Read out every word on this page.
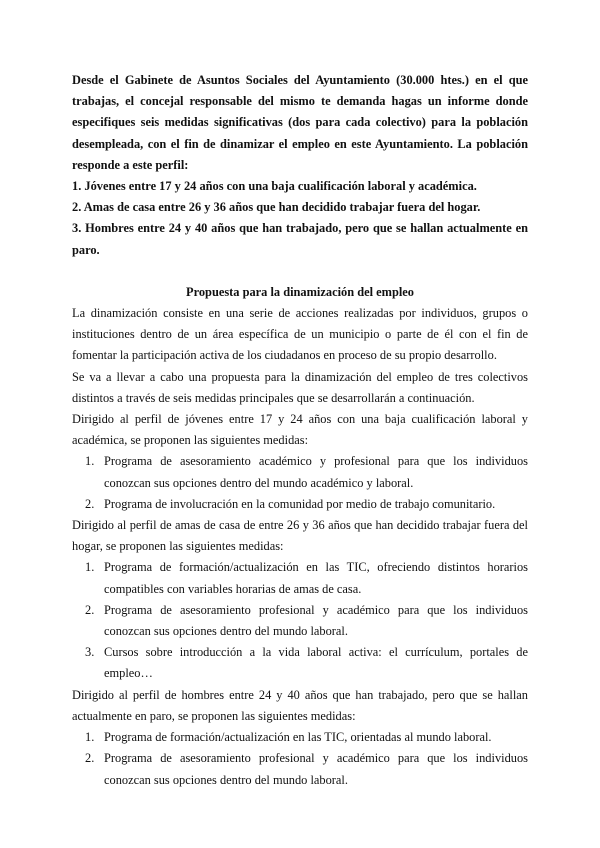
Desde el Gabinete de Asuntos Sociales del Ayuntamiento (30.000 htes.) en el que trabajas, el concejal responsable del mismo te demanda hagas un informe donde especifiques seis medidas significativas (dos para cada colectivo) para la población desempleada, con el fin de dinamizar el empleo en este Ayuntamiento. La población responde a este perfil:

1. Jóvenes entre 17 y 24 años con una baja cualificación laboral y académica.

2. Amas de casa entre 26 y 36 años que han decidido trabajar fuera del hogar.

3. Hombres entre 24 y 40 años que han trabajado, pero que se hallan actualmente en paro.

Propuesta para la dinamización del empleo

La dinamización consiste en una serie de acciones realizadas por individuos, grupos o instituciones dentro de un área específica de un municipio o parte de él con el fin de fomentar la participación activa de los ciudadanos en proceso de su propio desarrollo.

Se va a llevar a cabo una propuesta para la dinamización del empleo de tres colectivos distintos a través de seis medidas principales que se desarrollarán a continuación.

Dirigido al perfil de jóvenes entre 17 y 24 años con una baja cualificación laboral y académica, se proponen las siguientes medidas:

1. Programa de asesoramiento académico y profesional para que los individuos conozcan sus opciones dentro del mundo académico y laboral.
2. Programa de involucración en la comunidad por medio de trabajo comunitario.

Dirigido al perfil de amas de casa de entre 26 y 36 años que han decidido trabajar fuera del hogar, se proponen las siguientes medidas:

1. Programa de formación/actualización en las TIC, ofreciendo distintos horarios compatibles con variables horarias de amas de casa.
2. Programa de asesoramiento profesional y académico para que los individuos conozcan sus opciones dentro del mundo laboral.
3. Cursos sobre introducción a la vida laboral activa: el currículum, portales de empleo…

Dirigido al perfil de hombres entre 24 y 40 años que han trabajado, pero que se hallan actualmente en paro, se proponen las siguientes medidas:

1. Programa de formación/actualización en las TIC, orientadas al mundo laboral.
2. Programa de asesoramiento profesional y académico para que los individuos conozcan sus opciones dentro del mundo laboral.
